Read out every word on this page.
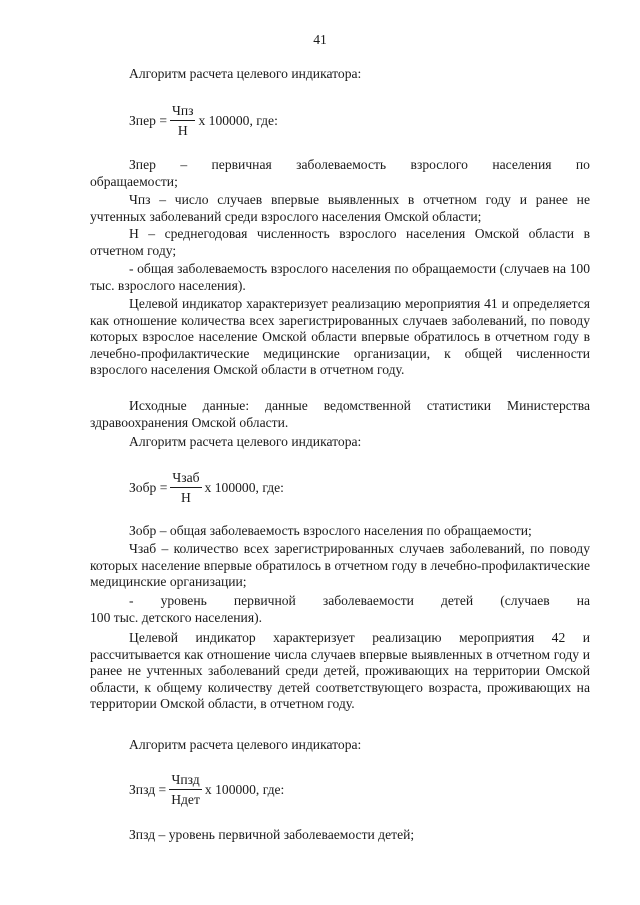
41
Алгоритм расчета целевого индикатора:
Зпер = $\frac{\text{Чпз}}{Н}$ х 100000, где:
Зпер – первичная заболеваемость взрослого населения по
обращаемости;
Чпз – число случаев впервые выявленных в отчетном году и ранее не учтенных заболеваний среди взрослого населения Омской области;
Н – среднегодовая численность взрослого населения Омской области в отчетном году;
- общая заболеваемость взрослого населения по обращаемости (случаев на 100 тыс. взрослого населения).
Целевой индикатор характеризует реализацию мероприятия 41 и определяется как отношение количества всех зарегистрированных случаев заболеваний, по поводу которых взрослое население Омской области впервые обратилось в отчетном году в лечебно-профилактические медицинские организации, к общей численности взрослого населения Омской области в отчетном году.
Исходные данные: данные ведомственной статистики Министерства здравоохранения Омской области.
Алгоритм расчета целевого индикатора:
Зобр = $\frac{\text{Чзаб}}{Н}$ х 100000, где:
Зобр – общая заболеваемость взрослого населения по обращаемости;
Чзаб – количество всех зарегистрированных случаев заболеваний, по поводу которых население впервые обратилось в отчетном году в лечебно-профилактические медицинские организации;
- уровень первичной заболеваемости детей (случаев на
100 тыс. детского населения).
Целевой индикатор характеризует реализацию мероприятия 42 и рассчитывается как отношение числа случаев впервые выявленных в отчетном году и ранее не учтенных заболеваний среди детей, проживающих на территории Омской области, к общему количеству детей соответствующего возраста, проживающих на территории Омской области, в отчетном году.
Алгоритм расчета целевого индикатора:
Зпзд = $\frac{\text{Чпзд}}{\text{Ндет}}$ х 100000, где:
Зпзд – уровень первичной заболеваемости детей;
